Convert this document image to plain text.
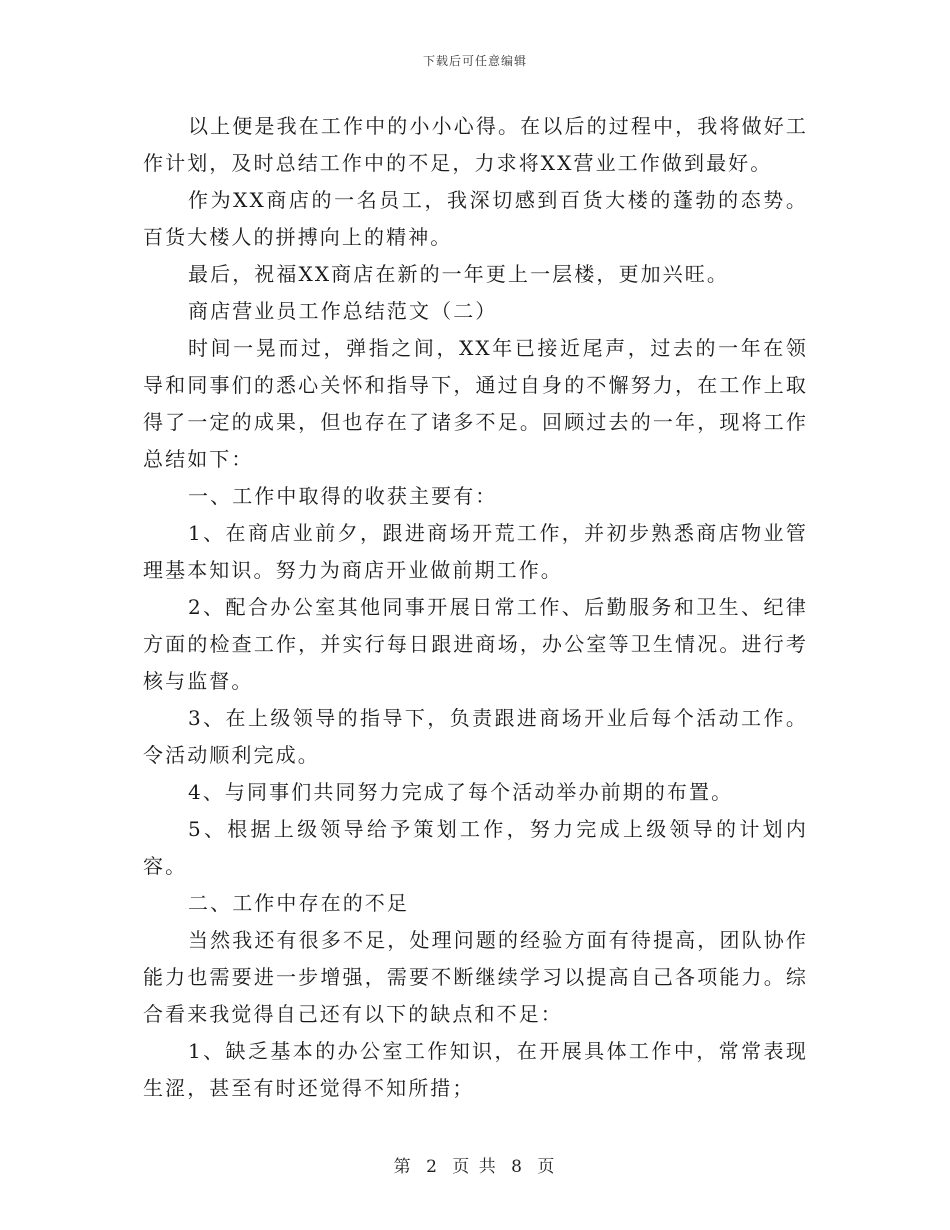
下载后可任意编辑

以上便是我在工作中的小小心得。在以后的过程中，我将做好工作计划，及时总结工作中的不足，力求将XX营业工作做到最好。

作为XX商店的一名员工，我深切感到百货大楼的蓬勃的态势。百货大楼人的拼搏向上的精神。

最后，祝福XX商店在新的一年更上一层楼，更加兴旺。

商店营业员工作总结范文（二）

时间一晃而过，弹指之间，XX年已接近尾声，过去的一年在领导和同事们的悉心关怀和指导下，通过自身的不懈努力，在工作上取得了一定的成果，但也存在了诸多不足。回顾过去的一年，现将工作总结如下：

一、工作中取得的收获主要有：

1、在商店业前夕，跟进商场开荒工作，并初步熟悉商店物业管理基本知识。努力为商店开业做前期工作。

2、配合办公室其他同事开展日常工作、后勤服务和卫生、纪律方面的检查工作，并实行每日跟进商场，办公室等卫生情况。进行考核与监督。

3、在上级领导的指导下，负责跟进商场开业后每个活动工作。令活动顺利完成。

4、与同事们共同努力完成了每个活动举办前期的布置。

5、根据上级领导给予策划工作，努力完成上级领导的计划内容。

二、工作中存在的不足

当然我还有很多不足，处理问题的经验方面有待提高，团队协作能力也需要进一步增强，需要不断继续学习以提高自己各项能力。综合看来我觉得自己还有以下的缺点和不足：

1、缺乏基本的办公室工作知识，在开展具体工作中，常常表现生涩，甚至有时还觉得不知所措；

第 2 页 共 8 页
